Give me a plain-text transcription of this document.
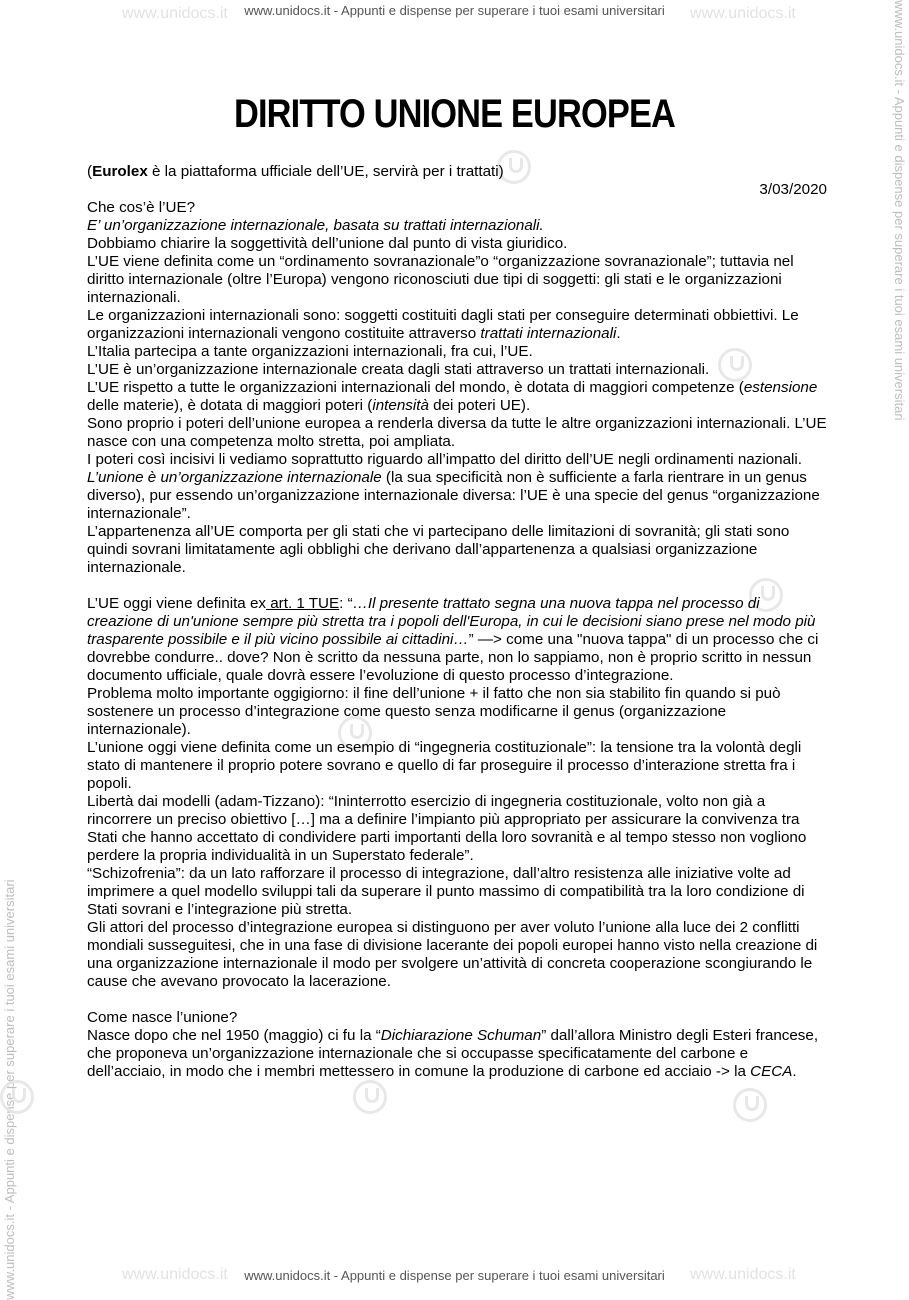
www.unidocs.it - Appunti e dispense per superare i tuoi esami universitari
www.unidocs.it - Appunti e dispense per superare i tuoi esami universitari
www.unidocs.it - Appunti e dispense per superare i tuoi esami universitari
www.unidocs.it - Appunti e dispense per superare i tuoi esami universitari
www.unidocs.it	www.unidocs.it
www.unidocs.it	www.unidocs.it
DIRITTO UNIONE EUROPEA

(Eurolex è la piattaforma ufficiale dell’UE, servirà per i trattati)

3/03/2020

Che cos’è l’UE?

E’ un’organizzazione internazionale, basata su trattati internazionali.

Dobbiamo chiarire la soggettività dell’unione dal punto di vista giuridico.

L’UE viene definita come un “ordinamento sovranazionale”o “organizzazione sovranazionale”; tuttavia nel diritto internazionale (oltre l’Europa) vengono riconosciuti due tipi di soggetti: gli stati e le organizzazioni internazionali.

Le organizzazioni internazionali sono: soggetti costituiti dagli stati per conseguire determinati obbiettivi. Le organizzazioni internazionali vengono costituite attraverso trattati internazionali.

L’Italia partecipa a tante organizzazioni internazionali, fra cui, l’UE.

L’UE è un’organizzazione internazionale creata dagli stati attraverso un trattati internazionali.

L’UE rispetto a tutte le organizzazioni internazionali del mondo, è dotata di maggiori competenze (estensione delle materie), è dotata di maggiori poteri (intensità dei poteri UE).

Sono proprio i poteri dell’unione europea a renderla diversa da tutte le altre organizzazioni internazionali. L’UE nasce con una competenza molto stretta, poi ampliata.

I poteri così incisivi li vediamo soprattutto riguardo all’impatto del diritto dell’UE negli ordinamenti nazionali.

L’unione è un’organizzazione internazionale (la sua specificità non è sufficiente a farla rientrare in un genus diverso), pur essendo un’organizzazione internazionale diversa: l’UE è una specie del genus “organizzazione internazionale”.

L’appartenenza all’UE comporta per gli stati che vi partecipano delle limitazioni di sovranità; gli stati sono quindi sovrani limitatamente agli obblighi che derivano dall’appartenenza a qualsiasi organizzazione internazionale.

L’UE oggi viene definita ex art. 1 TUE: “…Il presente trattato segna una nuova tappa nel processo di creazione di un'unione sempre più stretta tra i popoli dell'Europa, in cui le decisioni siano prese nel modo più trasparente possibile e il più vicino possibile ai cittadini…” —> come una "nuova tappa" di un processo che ci dovrebbe condurre.. dove? Non è scritto da nessuna parte, non lo sappiamo, non è proprio scritto in nessun documento ufficiale, quale dovrà essere l’evoluzione di questo processo d’integrazione.

Problema molto importante oggigiorno: il fine dell’unione + il fatto che non sia stabilito fin quando si può sostenere un processo d’integrazione come questo senza modificarne il genus (organizzazione internazionale).

L’unione oggi viene definita come un esempio di “ingegneria costituzionale”: la tensione tra la volontà degli stato di mantenere il proprio potere sovrano e quello di far proseguire il processo d’interazione stretta fra i popoli.

Libertà dai modelli (adam-Tizzano): “Ininterrotto esercizio di ingegneria costituzionale, volto non già a rincorrere un preciso obiettivo […] ma a definire l’impianto più appropriato per assicurare la convivenza tra Stati che hanno accettato di condividere parti importanti della loro sovranità e al tempo stesso non vogliono perdere la propria individualità in un Superstato federale”.

“Schizofrenia”: da un lato rafforzare il processo di integrazione, dall’altro resistenza alle iniziative volte ad imprimere a quel modello sviluppi tali da superare il punto massimo di compatibilità tra la loro condizione di Stati sovrani e l’integrazione più stretta.

Gli attori del processo d’integrazione europea si distinguono per aver voluto l’unione alla luce dei 2 conflitti mondiali susseguitesi, che in una fase di divisione lacerante dei popoli europei hanno visto nella creazione di una organizzazione internazionale il modo per svolgere un’attività di concreta cooperazione scongiurando le cause che avevano provocato la lacerazione.

Come nasce l’unione?

Nasce dopo che nel 1950 (maggio) ci fu la “Dichiarazione Schuman” dall’allora Ministro degli Esteri francese, che proponeva un’organizzazione internazionale che si occupasse specificatamente del carbone e dell’acciaio, in modo che i membri mettessero in comune la produzione di carbone ed acciaio -> la CECA.
